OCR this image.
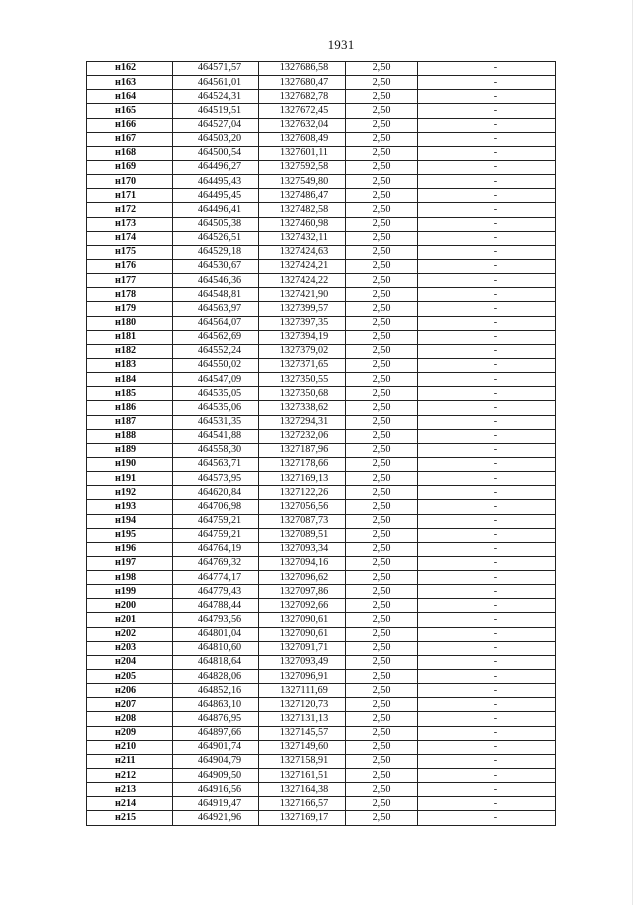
1931
н162	464571,57	1327686,58	2,50	-
н163	464561,01	1327680,47	2,50	-
н164	464524,31	1327682,78	2,50	-
н165	464519,51	1327672,45	2,50	-
н166	464527,04	1327632,04	2,50	-
н167	464503,20	1327608,49	2,50	-
н168	464500,54	1327601,11	2,50	-
н169	464496,27	1327592,58	2,50	-
н170	464495,43	1327549,80	2,50	-
н171	464495,45	1327486,47	2,50	-
н172	464496,41	1327482,58	2,50	-
н173	464505,38	1327460,98	2,50	-
н174	464526,51	1327432,11	2,50	-
н175	464529,18	1327424,63	2,50	-
н176	464530,67	1327424,21	2,50	-
н177	464546,36	1327424,22	2,50	-
н178	464548,81	1327421,90	2,50	-
н179	464563,97	1327399,57	2,50	-
н180	464564,07	1327397,35	2,50	-
н181	464562,69	1327394,19	2,50	-
н182	464552,24	1327379,02	2,50	-
н183	464550,02	1327371,65	2,50	-
н184	464547,09	1327350,55	2,50	-
н185	464535,05	1327350,68	2,50	-
н186	464535,06	1327338,62	2,50	-
н187	464531,35	1327294,31	2,50	-
н188	464541,88	1327232,06	2,50	-
н189	464558,30	1327187,96	2,50	-
н190	464563,71	1327178,66	2,50	-
н191	464573,95	1327169,13	2,50	-
н192	464620,84	1327122,26	2,50	-
н193	464706,98	1327056,56	2,50	-
н194	464759,21	1327087,73	2,50	-
н195	464759,21	1327089,51	2,50	-
н196	464764,19	1327093,34	2,50	-
н197	464769,32	1327094,16	2,50	-
н198	464774,17	1327096,62	2,50	-
н199	464779,43	1327097,86	2,50	-
н200	464788,44	1327092,66	2,50	-
н201	464793,56	1327090,61	2,50	-
н202	464801,04	1327090,61	2,50	-
н203	464810,60	1327091,71	2,50	-
н204	464818,64	1327093,49	2,50	-
н205	464828,06	1327096,91	2,50	-
н206	464852,16	1327111,69	2,50	-
н207	464863,10	1327120,73	2,50	-
н208	464876,95	1327131,13	2,50	-
н209	464897,66	1327145,57	2,50	-
н210	464901,74	1327149,60	2,50	-
н211	464904,79	1327158,91	2,50	-
н212	464909,50	1327161,51	2,50	-
н213	464916,56	1327164,38	2,50	-
н214	464919,47	1327166,57	2,50	-
н215	464921,96	1327169,17	2,50	-
